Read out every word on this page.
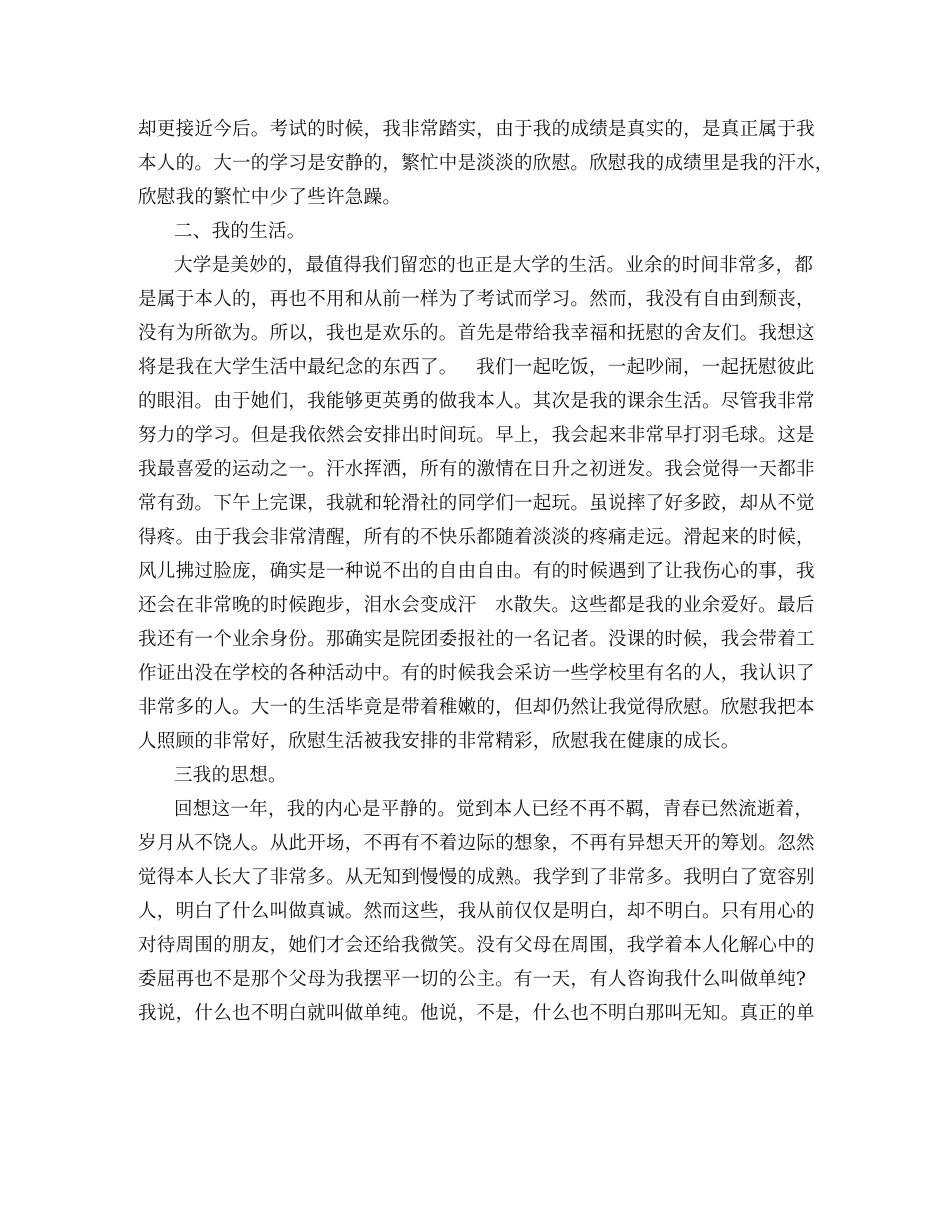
却更接近今后。考试的时候，我非常踏实，由于我的成绩是真实的，是真正属于我
本人的。大一的学习是安静的，繁忙中是淡淡的欣慰。欣慰我的成绩里是我的汗水，
欣慰我的繁忙中少了些许急躁。
二、我的生活。
大学是美妙的，最值得我们留恋的也正是大学的生活。业余的时间非常多，都
是属于本人的，再也不用和从前一样为了考试而学习。然而，我没有自由到颓丧，
没有为所欲为。所以，我也是欢乐的。首先是带给我幸福和抚慰的舍友们。我想这
将是我在大学生活中最纪念的东西了。   我们一起吃饭，一起吵闹，一起抚慰彼此
的眼泪。由于她们，我能够更英勇的做我本人。其次是我的课余生活。尽管我非常
努力的学习。但是我依然会安排出时间玩。早上，我会起来非常早打羽毛球。这是
我最喜爱的运动之一。汗水挥洒，所有的激情在日升之初迸发。我会觉得一天都非
常有劲。下午上完课，我就和轮滑社的同学们一起玩。虽说摔了好多跤，却从不觉
得疼。由于我会非常清醒，所有的不快乐都随着淡淡的疼痛走远。滑起来的时候，
风儿拂过脸庞，确实是一种说不出的自由自由。有的时候遇到了让我伤心的事，我
还会在非常晚的时候跑步，泪水会变成汗   水散失。这些都是我的业余爱好。最后
我还有一个业余身份。那确实是院团委报社的一名记者。没课的时候，我会带着工
作证出没在学校的各种活动中。有的时候我会采访一些学校里有名的人，我认识了
非常多的人。大一的生活毕竟是带着稚嫩的，但却仍然让我觉得欣慰。欣慰我把本
人照顾的非常好，欣慰生活被我安排的非常精彩，欣慰我在健康的成长。
三我的思想。
回想这一年，我的内心是平静的。觉到本人已经不再不羁，青春已然流逝着，
岁月从不饶人。从此开场，不再有不着边际的想象，不再有异想天开的筹划。忽然
觉得本人长大了非常多。从无知到慢慢的成熟。我学到了非常多。我明白了宽容别
人，明白了什么叫做真诚。然而这些，我从前仅仅是明白，却不明白。只有用心的
对待周围的朋友，她们才会还给我微笑。没有父母在周围，我学着本人化解心中的
委屈再也不是那个父母为我摆平一切的公主。有一天，有人咨询我什么叫做单纯?
我说，什么也不明白就叫做单纯。他说，不是，什么也不明白那叫无知。真正的单
